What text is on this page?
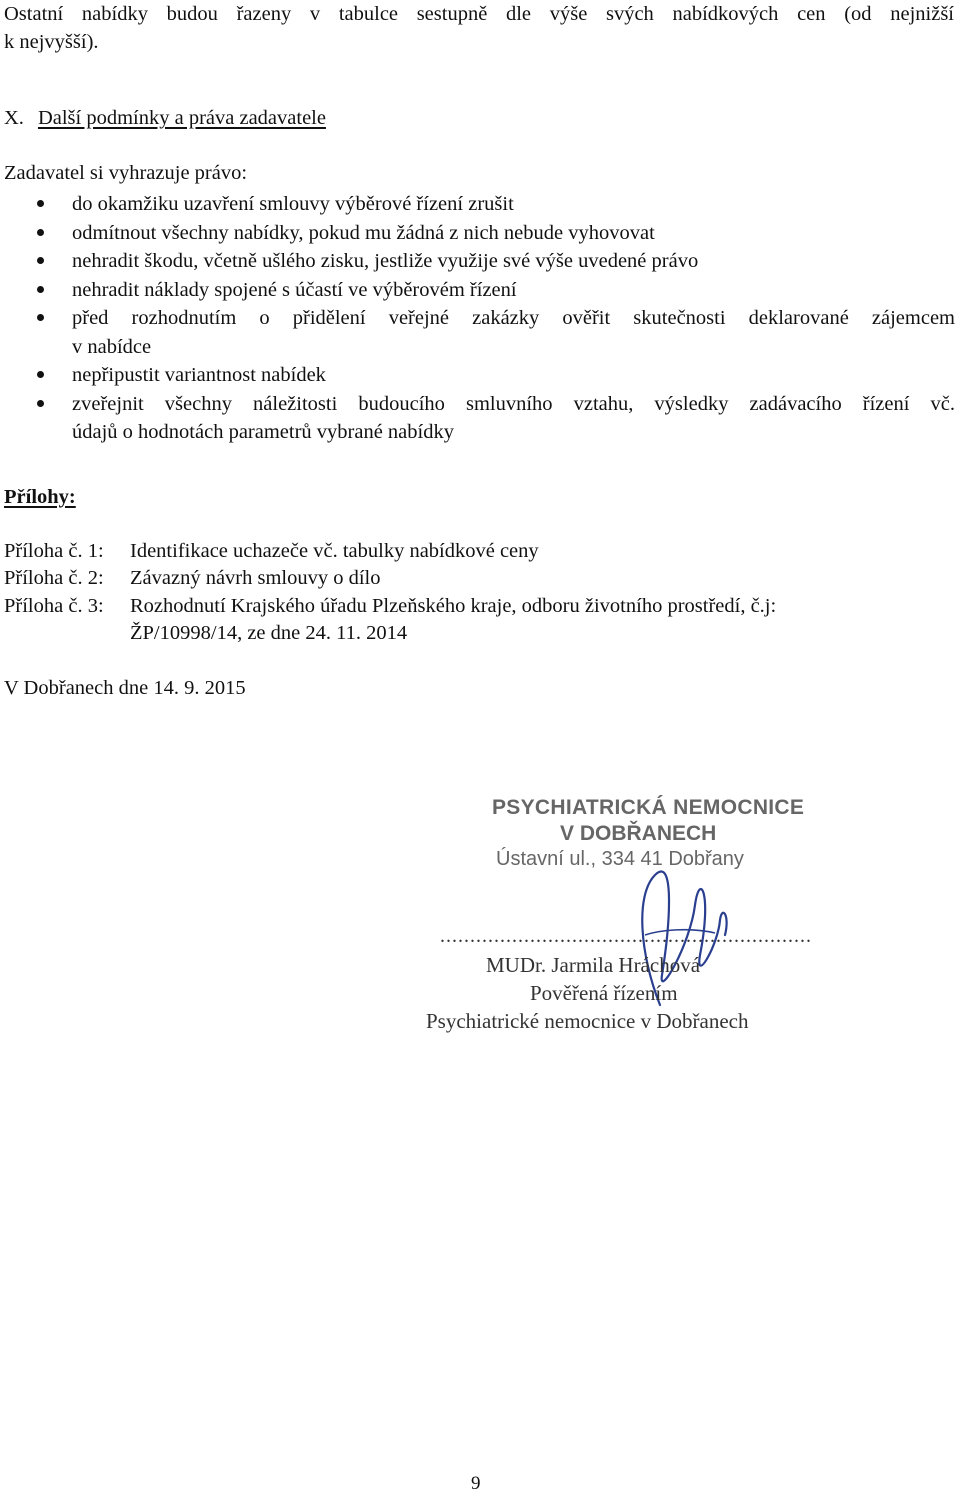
Ostatní nabídky budou řazeny v tabulce sestupně dle výše svých nabídkových cen (od nejnižší
k nejvyšší).
X. Další podmínky a práva zadavatele
Zadavatel si vyhrazuje právo:
do okamžiku uzavření smlouvy výběrové řízení zrušit
odmítnout všechny nabídky, pokud mu žádná z nich nebude vyhovovat
nehradit škodu, včetně ušlého zisku, jestliže využije své výše uvedené právo
nehradit náklady spojené s účastí ve výběrovém řízení
před rozhodnutím o přidělení veřejné zakázky ověřit skutečnosti deklarované zájemcem
v nabídce
nepřipustit variantnost nabídek
zveřejnit všechny náležitosti budoucího smluvního vztahu, výsledky zadávacího řízení vč.
údajů o hodnotách parametrů vybrané nabídky
Přílohy:
Příloha č. 1: Identifikace uchazeče vč. tabulky nabídkové ceny
Příloha č. 2: Závazný návrh smlouvy o dílo
Příloha č. 3: Rozhodnutí Krajského úřadu Plzeňského kraje, odboru životního prostředí, č.j:
ŽP/10998/14, ze dne 24. 11. 2014
V Dobřanech dne 14. 9. 2015
PSYCHIATRICKÁ NEMOCNICE
V DOBŘANECH
Ústavní ul., 334 41 Dobřany
..............................................................
MUDr. Jarmila Hráchová
Pověřená řízením
Psychiatrické nemocnice v Dobřanech
9
